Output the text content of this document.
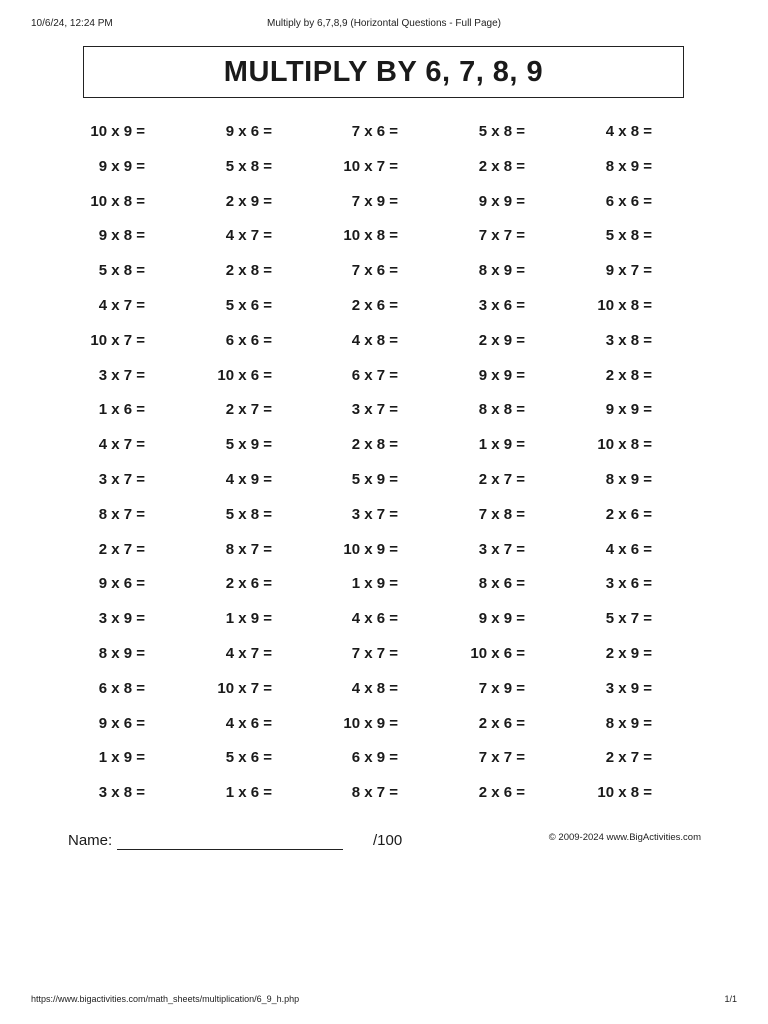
10/6/24, 12:24 PM	Multiply by 6,7,8,9 (Horizontal Questions - Full Page)
MULTIPLY BY 6, 7, 8, 9
10 x 9 =	9 x 6 =	7 x 6 =	5 x 8 =	4 x 8 =
9 x 9 =	5 x 8 =	10 x 7 =	2 x 8 =	8 x 9 =
10 x 8 =	2 x 9 =	7 x 9 =	9 x 9 =	6 x 6 =
9 x 8 =	4 x 7 =	10 x 8 =	7 x 7 =	5 x 8 =
5 x 8 =	2 x 8 =	7 x 6 =	8 x 9 =	9 x 7 =
4 x 7 =	5 x 6 =	2 x 6 =	3 x 6 =	10 x 8 =
10 x 7 =	6 x 6 =	4 x 8 =	2 x 9 =	3 x 8 =
3 x 7 =	10 x 6 =	6 x 7 =	9 x 9 =	2 x 8 =
1 x 6 =	2 x 7 =	3 x 7 =	8 x 8 =	9 x 9 =
4 x 7 =	5 x 9 =	2 x 8 =	1 x 9 =	10 x 8 =
3 x 7 =	4 x 9 =	5 x 9 =	2 x 7 =	8 x 9 =
8 x 7 =	5 x 8 =	3 x 7 =	7 x 8 =	2 x 6 =
2 x 7 =	8 x 7 =	10 x 9 =	3 x 7 =	4 x 6 =
9 x 6 =	2 x 6 =	1 x 9 =	8 x 6 =	3 x 6 =
3 x 9 =	1 x 9 =	4 x 6 =	9 x 9 =	5 x 7 =
8 x 9 =	4 x 7 =	7 x 7 =	10 x 6 =	2 x 9 =
6 x 8 =	10 x 7 =	4 x 8 =	7 x 9 =	3 x 9 =
9 x 6 =	4 x 6 =	10 x 9 =	2 x 6 =	8 x 9 =
1 x 9 =	5 x 6 =	6 x 9 =	7 x 7 =	2 x 7 =
3 x 8 =	1 x 6 =	8 x 7 =	2 x 6 =	10 x 8 =
Name:	/100	© 2009-2024 www.BigActivities.com
https://www.bigactivities.com/math_sheets/multiplication/6_9_h.php	1/1
